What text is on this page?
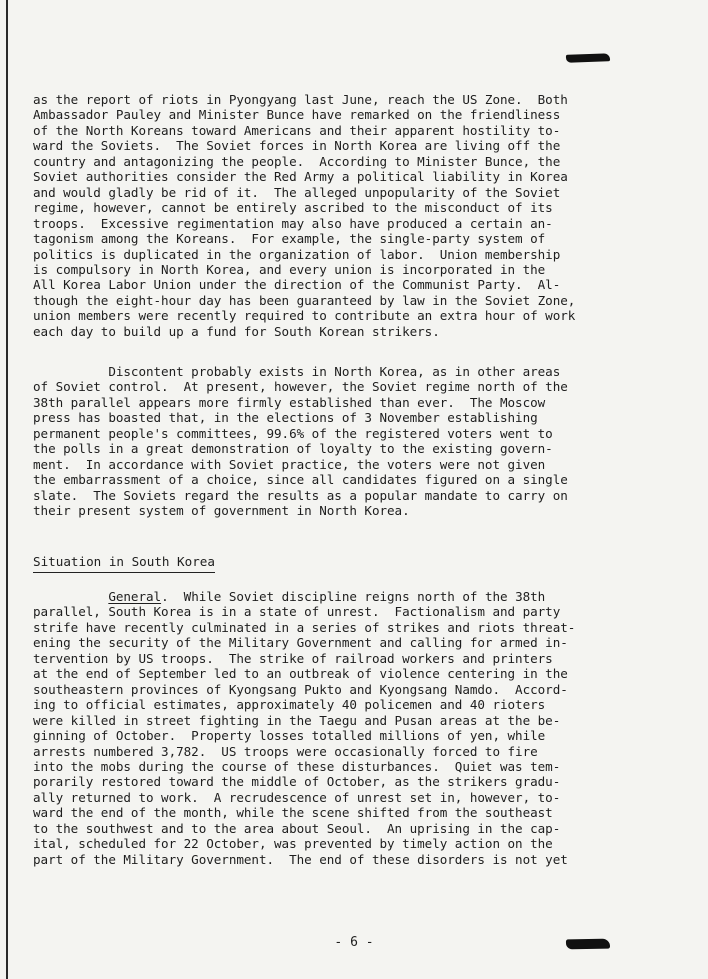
as the report of riots in Pyongyang last June, reach the US Zone.  Both
Ambassador Pauley and Minister Bunce have remarked on the friendliness
of the North Koreans toward Americans and their apparent hostility to-
ward the Soviets.  The Soviet forces in North Korea are living off the
country and antagonizing the people.  According to Minister Bunce, the
Soviet authorities consider the Red Army a political liability in Korea
and would gladly be rid of it.  The alleged unpopularity of the Soviet
regime, however, cannot be entirely ascribed to the misconduct of its
troops.  Excessive regimentation may also have produced a certain an-
tagonism among the Koreans.  For example, the single-party system of
politics is duplicated in the organization of labor.  Union membership
is compulsory in North Korea, and every union is incorporated in the
All Korea Labor Union under the direction of the Communist Party.  Al-
though the eight-hour day has been guaranteed by law in the Soviet Zone,
union members were recently required to contribute an extra hour of work
each day to build up a fund for South Korean strikers.
Discontent probably exists in North Korea, as in other areas
of Soviet control.  At present, however, the Soviet regime north of the
38th parallel appears more firmly established than ever.  The Moscow
press has boasted that, in the elections of 3 November establishing
permanent people's committees, 99.6% of the registered voters went to
the polls in a great demonstration of loyalty to the existing govern-
ment.  In accordance with Soviet practice, the voters were not given
the embarrassment of a choice, since all candidates figured on a single
slate.  The Soviets regard the results as a popular mandate to carry on
their present system of government in North Korea.
Situation in South Korea
General.  While Soviet discipline reigns north of the 38th
parallel, South Korea is in a state of unrest.  Factionalism and party
strife have recently culminated in a series of strikes and riots threat-
ening the security of the Military Government and calling for armed in-
tervention by US troops.  The strike of railroad workers and printers
at the end of September led to an outbreak of violence centering in the
southeastern provinces of Kyongsang Pukto and Kyongsang Namdo.  Accord-
ing to official estimates, approximately 40 policemen and 40 rioters
were killed in street fighting in the Taegu and Pusan areas at the be-
ginning of October.  Property losses totalled millions of yen, while
arrests numbered 3,782.  US troops were occasionally forced to fire
into the mobs during the course of these disturbances.  Quiet was tem-
porarily restored toward the middle of October, as the strikers gradu-
ally returned to work.  A recrudescence of unrest set in, however, to-
ward the end of the month, while the scene shifted from the southeast
to the southwest and to the area about Seoul.  An uprising in the cap-
ital, scheduled for 22 October, was prevented by timely action on the
part of the Military Government.  The end of these disorders is not yet
- 6 -
